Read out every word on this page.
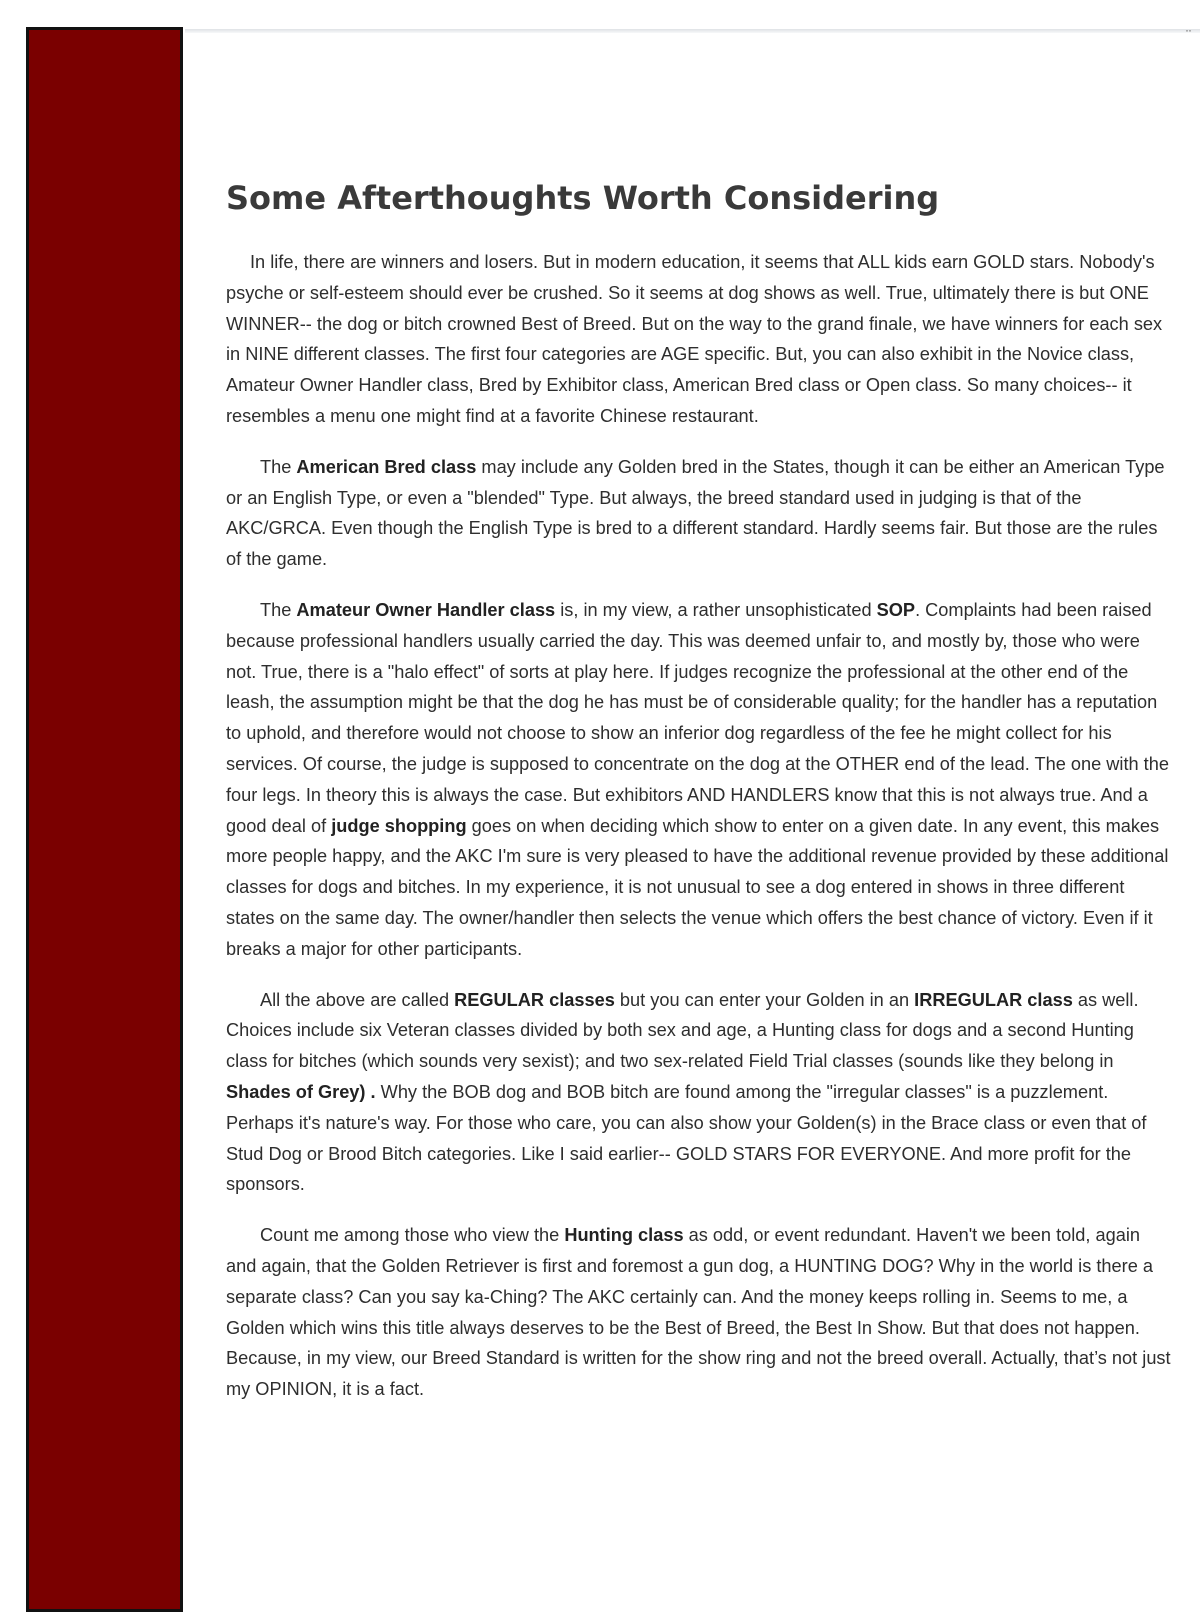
··
Some Afterthoughts Worth Considering

In life, there are winners and losers. But in modern education, it seems that ALL kids earn GOLD stars. Nobody's psyche or self-esteem should ever be crushed. So it seems at dog shows as well. True, ultimately there is but ONE WINNER-- the dog or bitch crowned Best of Breed. But on the way to the grand finale, we have winners for each sex in NINE different classes. The first four categories are AGE specific. But, you can also exhibit in the Novice class, Amateur Owner Handler class, Bred by Exhibitor class, American Bred class or Open class. So many choices-- it resembles a menu one might find at a favorite Chinese restaurant.

The American Bred class may include any Golden bred in the States, though it can be either an American Type or an English Type, or even a "blended" Type. But always, the breed standard used in judging is that of the AKC/GRCA. Even though the English Type is bred to a different standard. Hardly seems fair. But those are the rules of the game.

The Amateur Owner Handler class is, in my view, a rather unsophisticated SOP. Complaints had been raised because professional handlers usually carried the day. This was deemed unfair to, and mostly by, those who were not. True, there is a "halo effect" of sorts at play here. If judges recognize the professional at the other end of the leash, the assumption might be that the dog he has must be of considerable quality; for the handler has a reputation to uphold, and therefore would not choose to show an inferior dog regardless of the fee he might collect for his services. Of course, the judge is supposed to concentrate on the dog at the OTHER end of the lead. The one with the four legs. In theory this is always the case. But exhibitors AND HANDLERS know that this is not always true. And a good deal of judge shopping goes on when deciding which show to enter on a given date. In any event, this makes more people happy, and the AKC I'm sure is very pleased to have the additional revenue provided by these additional classes for dogs and bitches. In my experience, it is not unusual to see a dog entered in shows in three different states on the same day. The owner/handler then selects the venue which offers the best chance of victory. Even if it breaks a major for other participants.

All the above are called REGULAR classes but you can enter your Golden in an IRREGULAR class as well. Choices include six Veteran classes divided by both sex and age, a Hunting class for dogs and a second Hunting class for bitches (which sounds very sexist); and two sex-related Field Trial classes (sounds like they belong in Shades of Grey) . Why the BOB dog and BOB bitch are found among the "irregular classes" is a puzzlement. Perhaps it's nature's way. For those who care, you can also show your Golden(s) in the Brace class or even that of Stud Dog or Brood Bitch categories. Like I said earlier-- GOLD STARS FOR EVERYONE. And more profit for the sponsors.

Count me among those who view the Hunting class as odd, or event redundant. Haven't we been told, again and again, that the Golden Retriever is first and foremost a gun dog, a HUNTING DOG? Why in the world is there a separate class? Can you say ka-Ching? The AKC certainly can. And the money keeps rolling in. Seems to me, a Golden which wins this title always deserves to be the Best of Breed, the Best In Show. But that does not happen. Because, in my view, our Breed Standard is written for the show ring and not the breed overall. Actually, that’s not just my OPINION, it is a fact.
